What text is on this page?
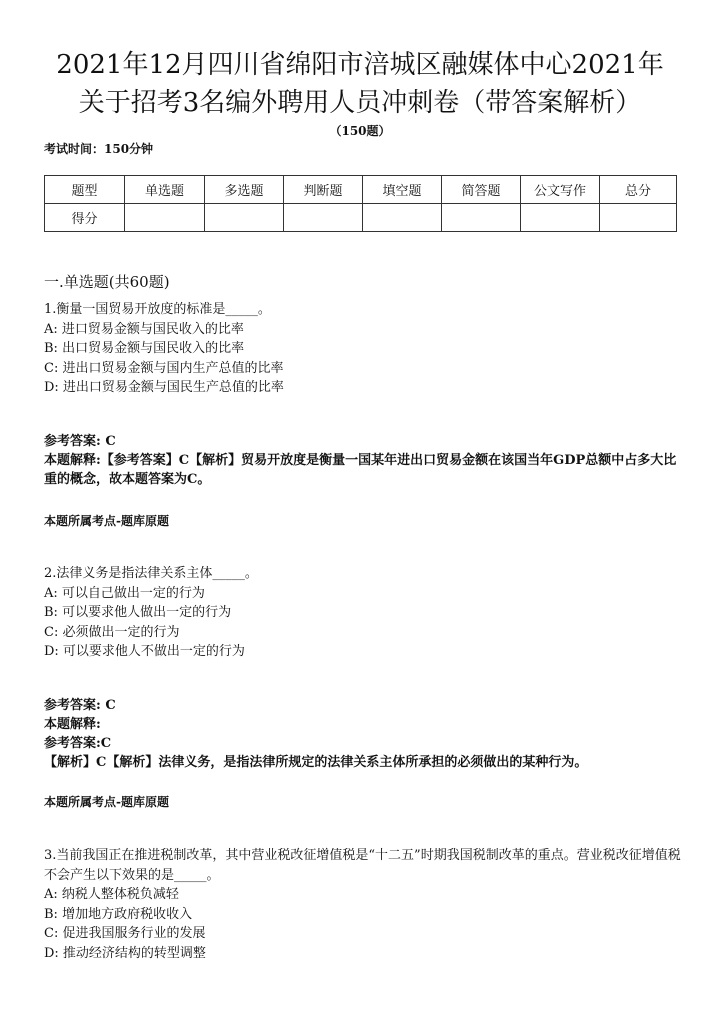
2021年12月四川省绵阳市涪城区融媒体中心2021年
关于招考3名编外聘用人员冲刺卷（带答案解析）
（150题）
考试时间：150分钟
题型	单选题	多选题	判断题	填空题	简答题	公文写作	总分
得分							
一.单选题(共60题)
1.衡量一国贸易开放度的标准是_____。
A: 进口贸易金额与国民收入的比率
B: 出口贸易金额与国民收入的比率
C: 进出口贸易金额与国内生产总值的比率
D: 进出口贸易金额与国民生产总值的比率
参考答案: C
本题解释:【参考答案】C【解析】贸易开放度是衡量一国某年进出口贸易金额在该国当年GDP总额中占多大比重的概念，故本题答案为C。
本题所属考点-题库原题
2.法律义务是指法律关系主体_____。
A: 可以自己做出一定的行为
B: 可以要求他人做出一定的行为
C: 必须做出一定的行为
D: 可以要求他人不做出一定的行为
参考答案: C
本题解释:
参考答案:C
【解析】C【解析】法律义务，是指法律所规定的法律关系主体所承担的必须做出的某种行为。
本题所属考点-题库原题
3.当前我国正在推进税制改革，其中营业税改征增值税是“十二五”时期我国税制改革的重点。营业税改征增值税不会产生以下效果的是_____。
A: 纳税人整体税负减轻
B: 增加地方政府税收收入
C: 促进我国服务行业的发展
D: 推动经济结构的转型调整
